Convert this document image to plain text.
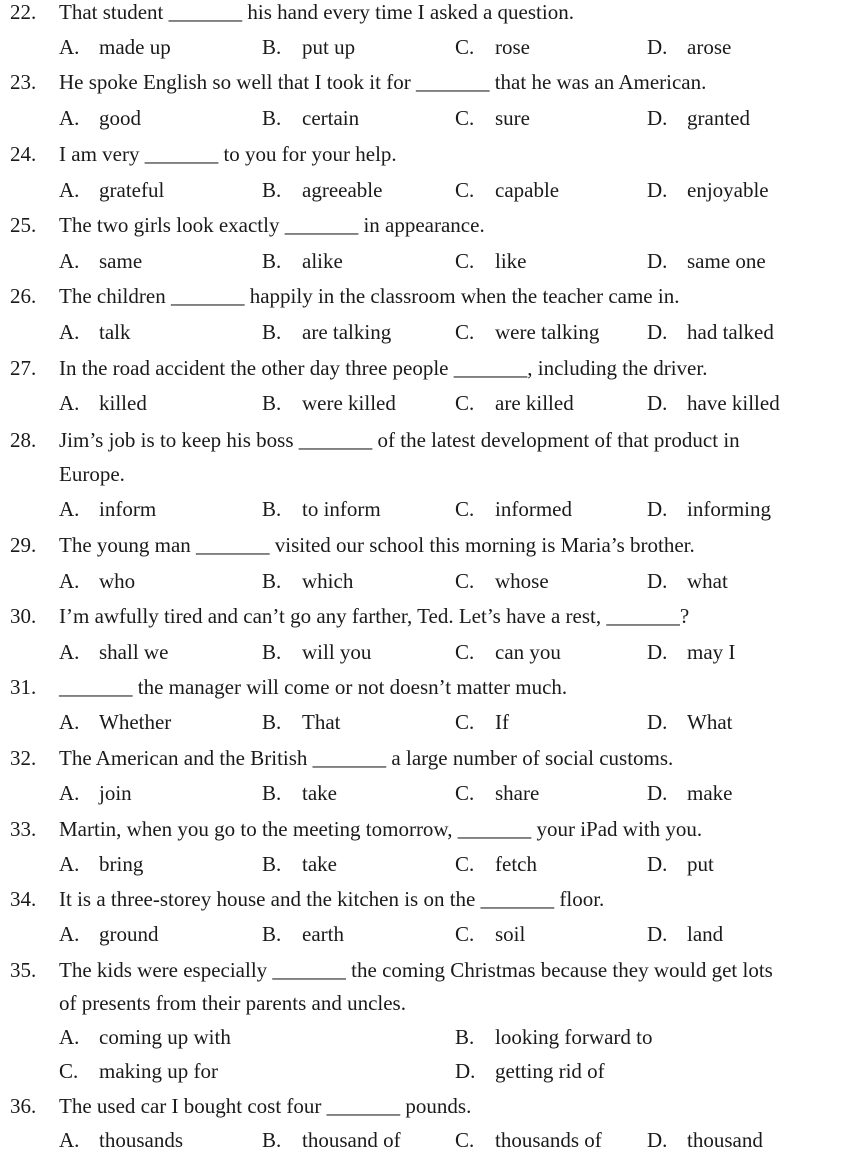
22. That student _______ his hand every time I asked a question.
A. made up	B. put up	C. rose	D. arose
23. He spoke English so well that I took it for _______ that he was an American.
A. good	B. certain	C. sure	D. granted
24. I am very _______ to you for your help.
A. grateful	B. agreeable	C. capable	D. enjoyable
25. The two girls look exactly _______ in appearance.
A. same	B. alike	C. like	D. same one
26. The children _______ happily in the classroom when the teacher came in.
A. talk	B. are talking	C. were talking D. had talked
27. In the road accident the other day three people _______, including the driver.
A. killed	B. were killed	C. are killed	D. have killed
28. Jim’s job is to keep his boss _______ of the latest development of that product in
Europe.
A. inform	B. to inform	C. informed	D. informing
29. The young man _______ visited our school this morning is Maria’s brother.
A. who	B. which	C. whose	D. what
30. I’m awfully tired and can’t go any farther, Ted. Let’s have a rest, _______?
A. shall we	B. will you	C. can you	D. may I
31. _______ the manager will come or not doesn’t matter much.
A. Whether	B. That	C. If	D. What
32. The American and the British _______ a large number of social customs.
A. join	B. take	C. share	D. make
33. Martin, when you go to the meeting tomorrow, _______ your iPad with you.
A. bring	B. take	C. fetch	D. put
34. It is a three-storey house and the kitchen is on the _______ floor.
A. ground	B. earth	C. soil	D. land
35. The kids were especially _______ the coming Christmas because they would get lots
of presents from their parents and uncles.
A. coming up with	B. looking forward to
C. making up for	D. getting rid of
36. The used car I bought cost four _______ pounds.
A. thousands	B. thousand of	C. thousands of D. thousand
